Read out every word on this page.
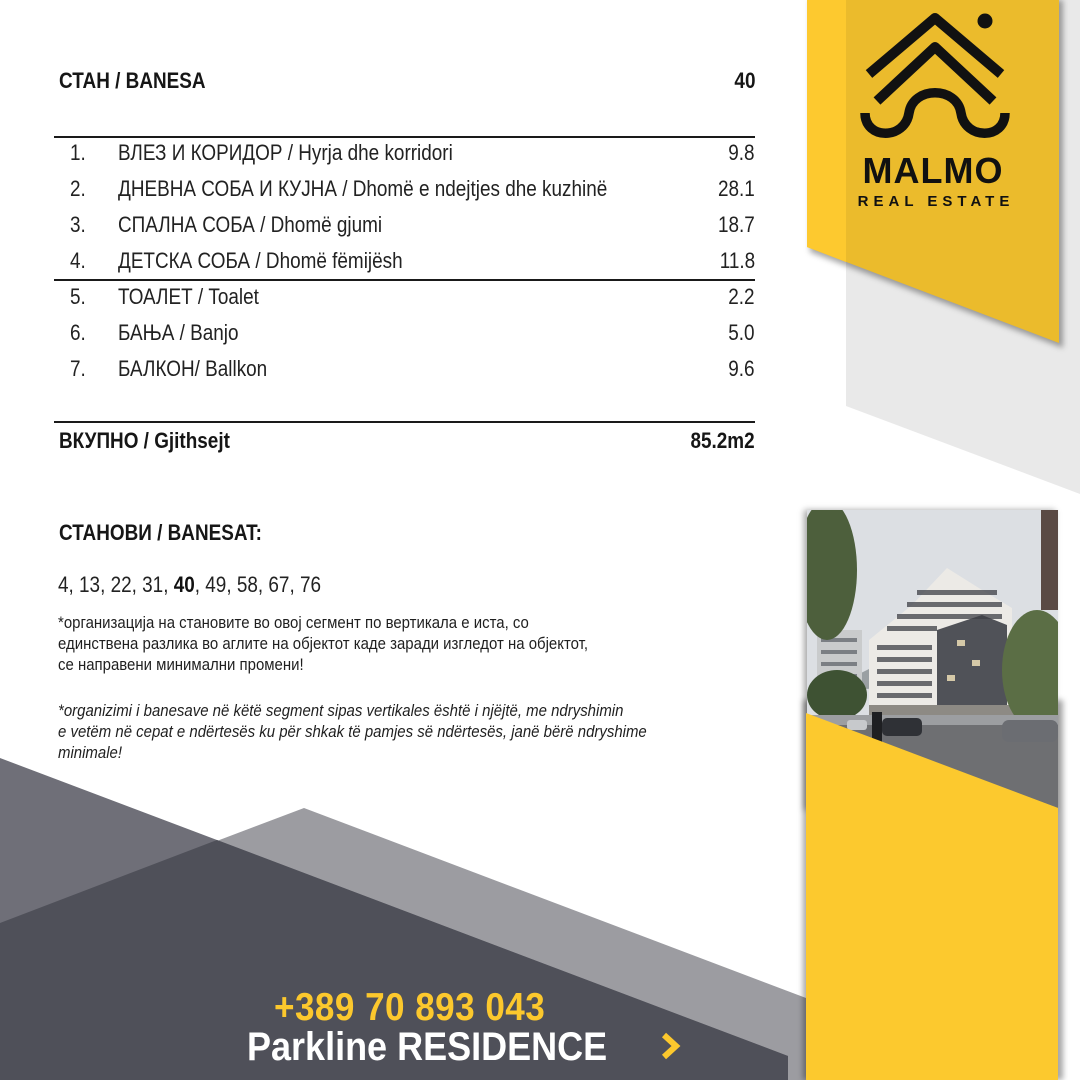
СТАН / BANESA	40
1. ВЛЕЗ И КОРИДОР / Hyrja dhe korridori	9.8
2. ДНЕВНА СОБА И КУЈНА / Dhomë e ndejtjes dhe kuzhinë	28.1
3. СПАЛНА СОБА / Dhomë gjumi	18.7
4. ДЕТСКА СОБА / Dhomë fëmijësh	11.8
5. ТОАЛЕТ / Toalet	2.2
6. БАЊА / Banjo	5.0
7. БАЛКОН/ Ballkon	9.6
ВКУПНО / Gjithsejt	85.2m2
СТАНОВИ / BANESAT:
4, 13, 22, 31, 40, 49, 58, 67, 76
*организација на становите во овој сегмент по вертикала е иста, со
единствена разлика во аглите на објектот каде заради изгледот на објектот,
се направени минимални промени!
*organizimi i banesave në këtë segment sipas vertikales është i njëjtë, me ndryshimin
e vetëm në cepat e ndërtesës ku për shkak të pamjes së ndërtesës, janë bërë ndryshime
minimale!
MALMO
REAL ESTATE
+389 70 893 043
Parkline RESIDENCE
